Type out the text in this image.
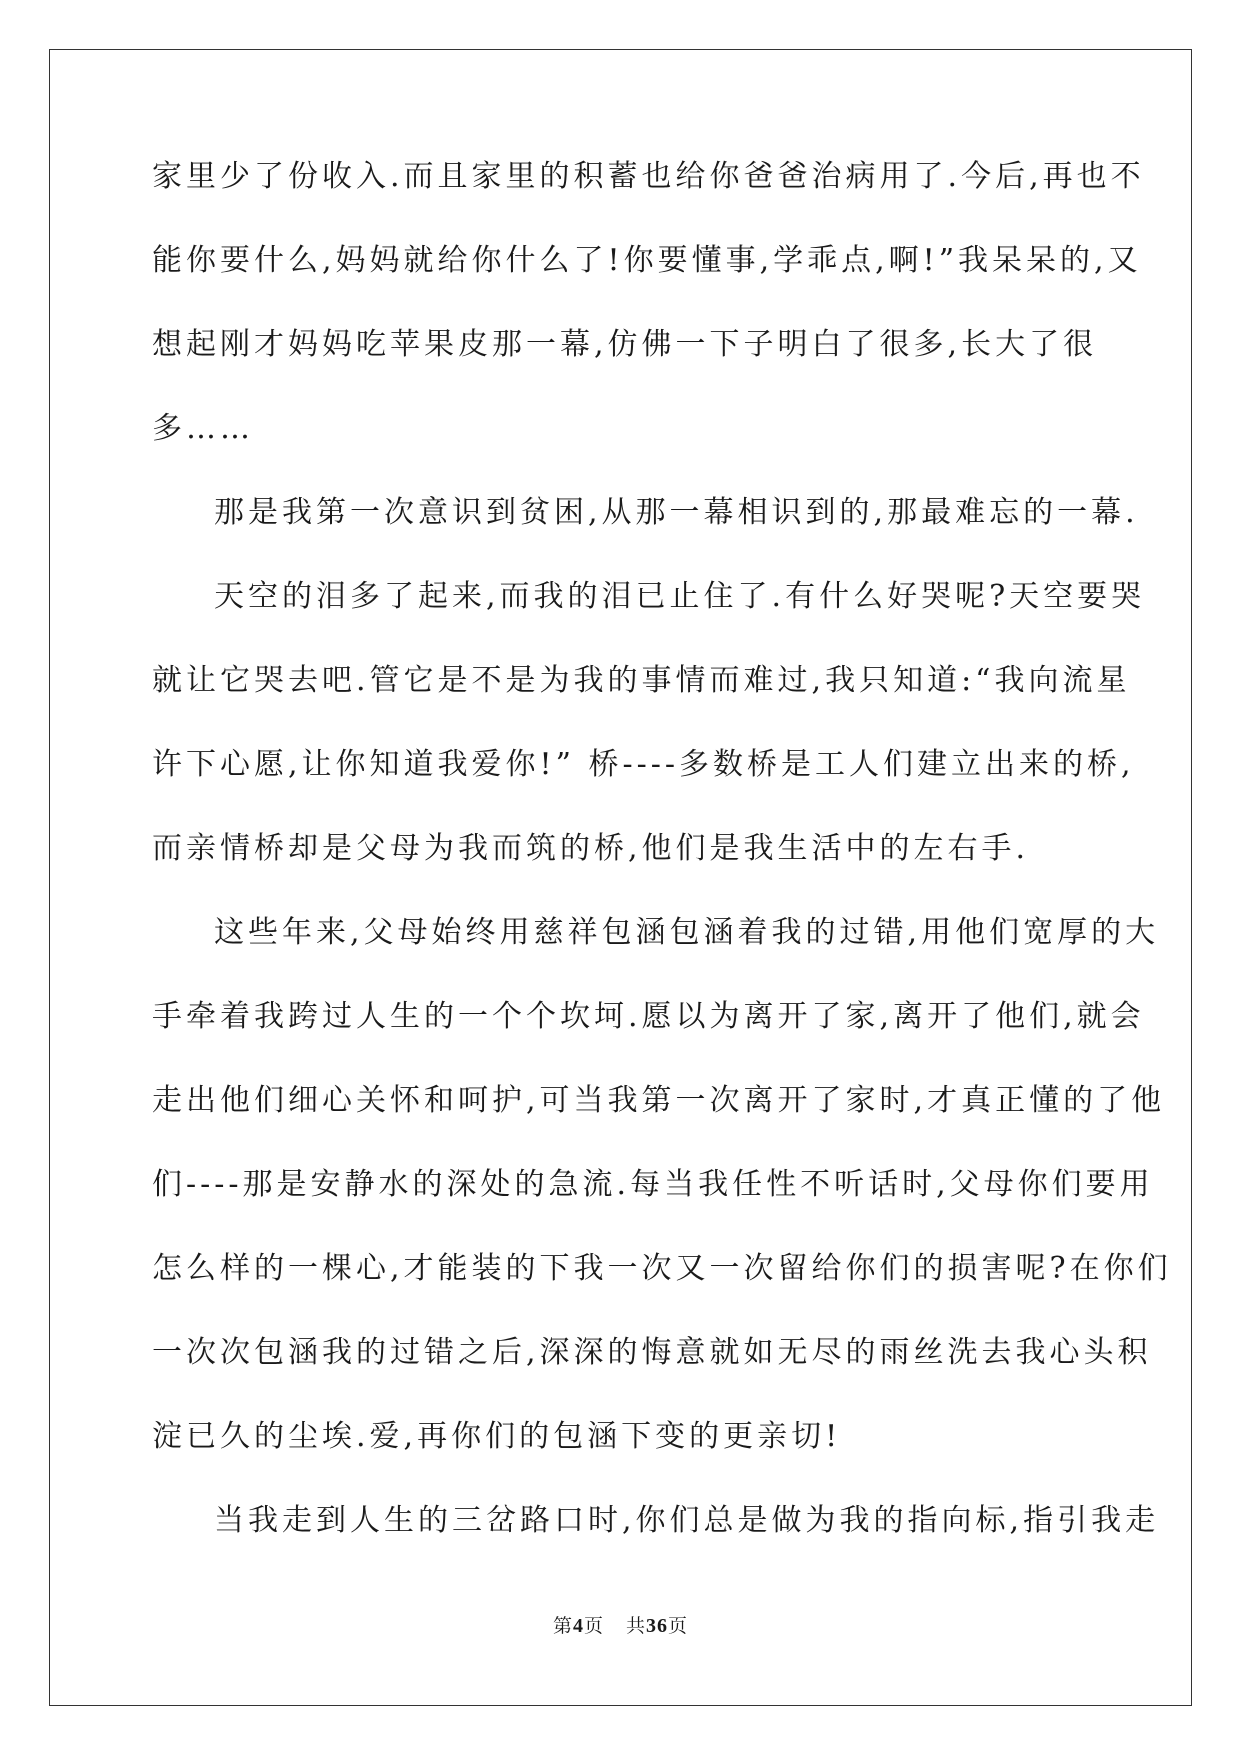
家里少了份收入.而且家里的积蓄也给你爸爸治病用了.今后,再也不
能你要什么,妈妈就给你什么了!你要懂事,学乖点,啊!”我呆呆的,又
想起刚才妈妈吃苹果皮那一幕,仿佛一下子明白了很多,长大了很
多……
那是我第一次意识到贫困,从那一幕相识到的,那最难忘的一幕.
天空的泪多了起来,而我的泪已止住了.有什么好哭呢?天空要哭
就让它哭去吧.管它是不是为我的事情而难过,我只知道:“我向流星
许下心愿,让你知道我爱你!” 桥----多数桥是工人们建立出来的桥,
而亲情桥却是父母为我而筑的桥,他们是我生活中的左右手.
这些年来,父母始终用慈祥包涵包涵着我的过错,用他们宽厚的大
手牵着我跨过人生的一个个坎坷.愿以为离开了家,离开了他们,就会
走出他们细心关怀和呵护,可当我第一次离开了家时,才真正懂的了他
们----那是安静水的深处的急流.每当我任性不听话时,父母你们要用
怎么样的一棵心,才能装的下我一次又一次留给你们的损害呢?在你们
一次次包涵我的过错之后,深深的悔意就如无尽的雨丝洗去我心头积
淀已久的尘埃.爱,再你们的包涵下变的更亲切!
当我走到人生的三岔路口时,你们总是做为我的指向标,指引我走
第4页 共36页
